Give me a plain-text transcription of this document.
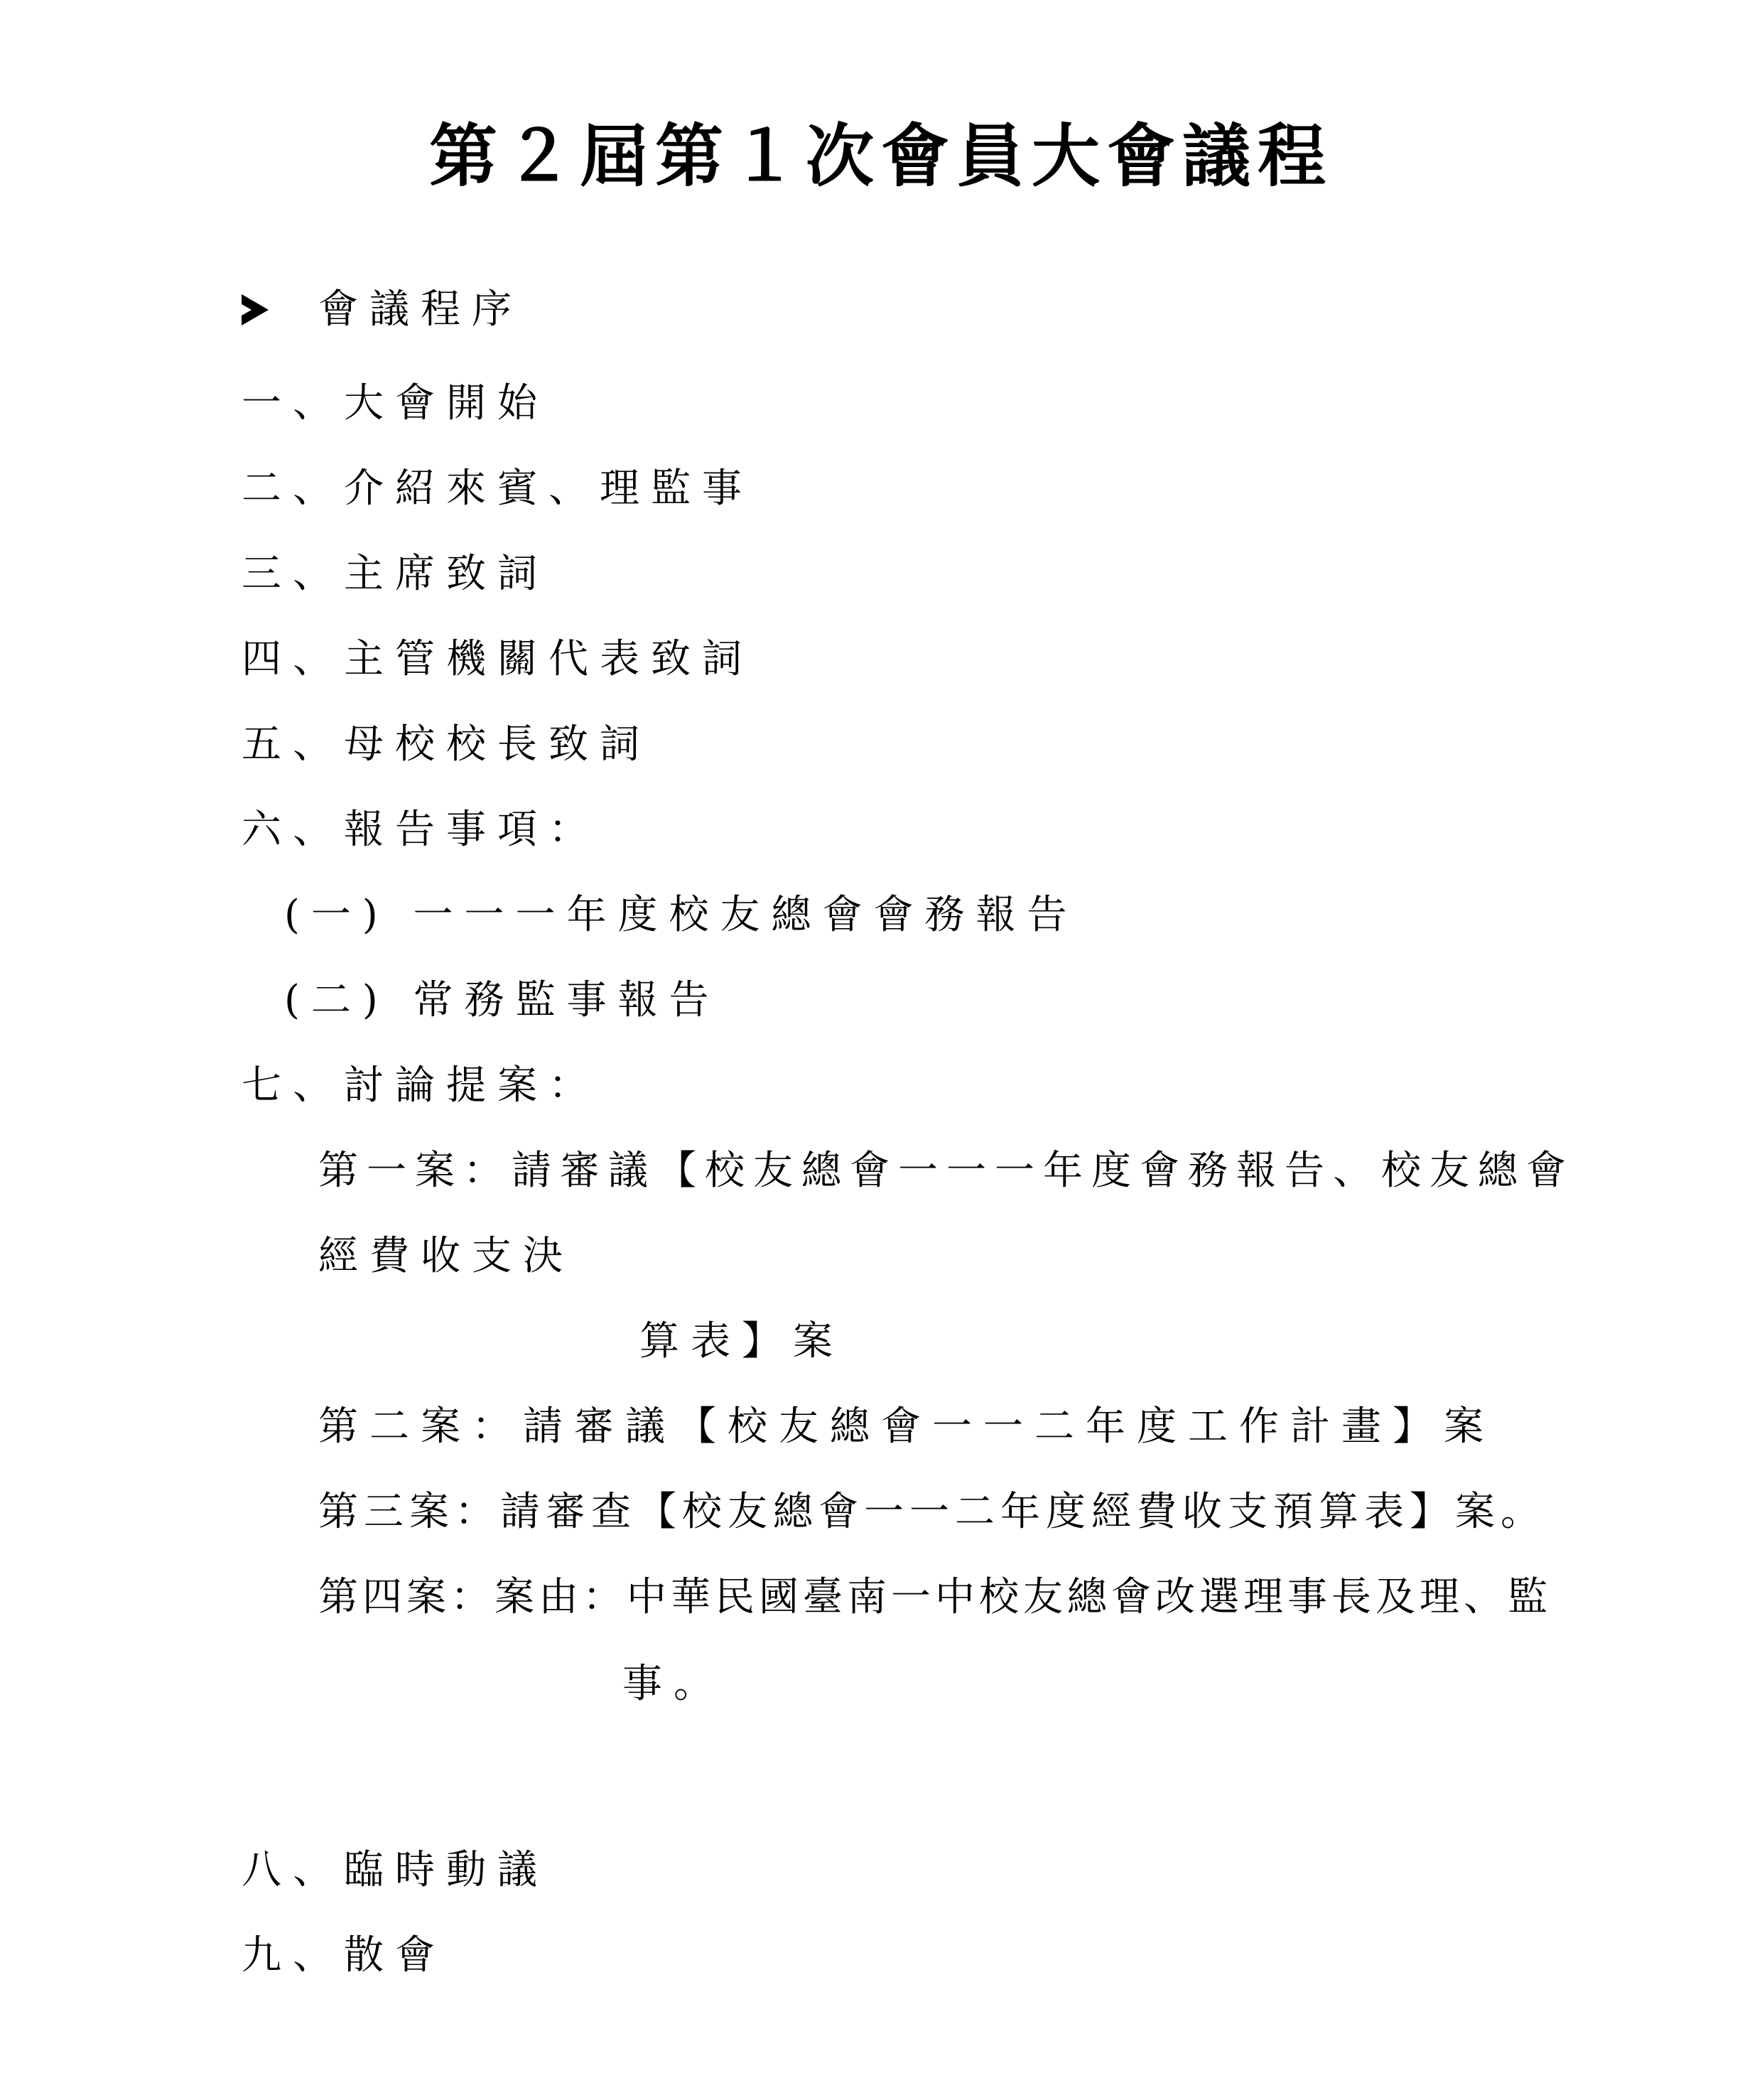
第２屆第１次會員大會議程
會議程序
一、大會開始
二、介紹來賓、理監事
三、主席致詞
四、主管機關代表致詞
五、母校校長致詞
六、報告事項：
(一) 一一一年度校友總會會務報告
(二) 常務監事報告
七、討論提案：
第一案：請審議【校友總會一一一年度會務報告、校友總會
經費收支決
算表】案
第二案：請審議【校友總會一一二年度工作計畫】案
第三案：請審查【校友總會一一二年度經費收支預算表】案。
第四案：案由：中華民國臺南一中校友總會改選理事長及理、監
事。
八、臨時動議
九、散會
